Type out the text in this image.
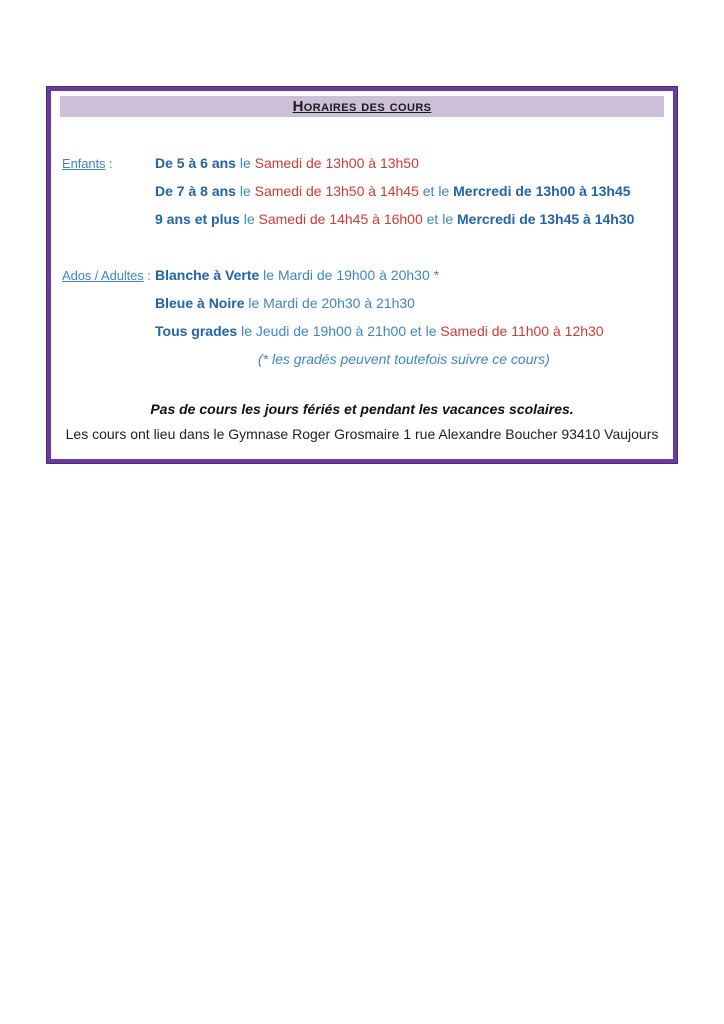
Horaires des cours
Enfants :	De 5 à 6 ans le Samedi de 13h00 à 13h50
De 7 à 8 ans le Samedi de 13h50 à 14h45 et le Mercredi de 13h00 à 13h45
9 ans et plus le Samedi de 14h45 à 16h00 et le Mercredi de 13h45 à 14h30
Ados / Adultes : Blanche à Verte le Mardi de 19h00 à 20h30 *
Bleue à Noire le Mardi de 20h30 à 21h30
Tous grades le Jeudi de 19h00 à 21h00 et le Samedi de 11h00 à 12h30
(* les gradés peuvent toutefois suivre ce cours)
Pas de cours les jours fériés et pendant les vacances scolaires.
Les cours ont lieu dans le Gymnase Roger Grosmaire 1 rue Alexandre Boucher 93410 Vaujours
